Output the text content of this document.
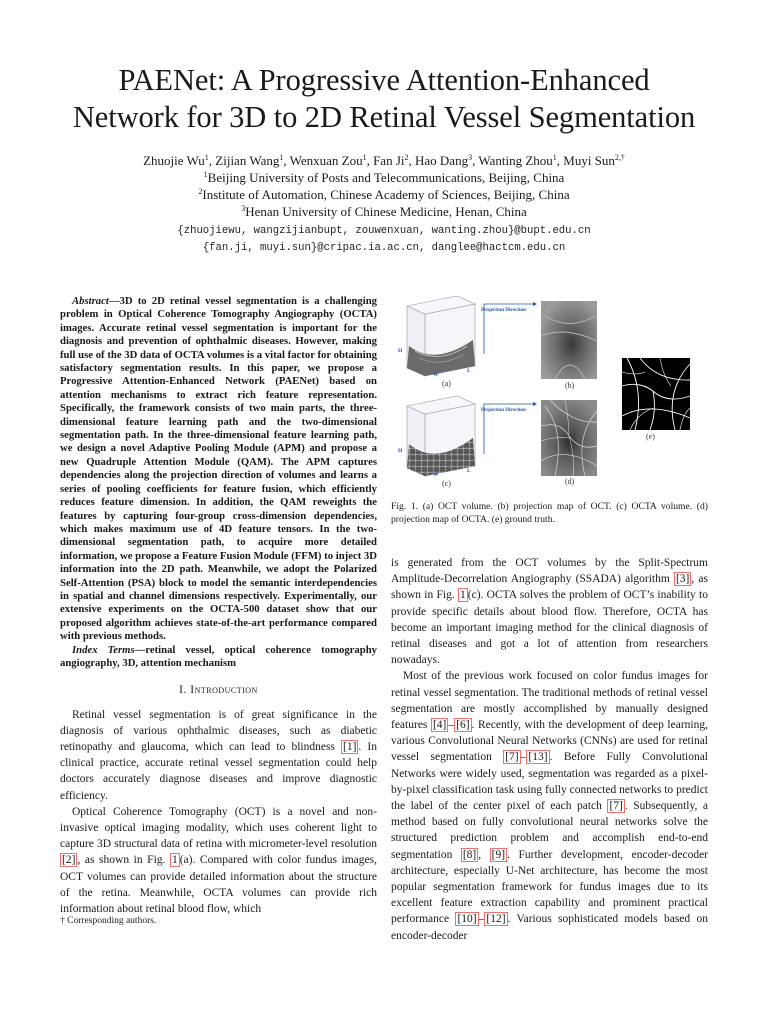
PAENet: A Progressive Attention-Enhanced
Network for 3D to 2D Retinal Vessel Segmentation
Zhuojie Wu$^1$, Zijian Wang$^1$, Wenxuan Zou$^1$, Fan Ji$^2$, Hao Dang$^3$, Wanting Zhou$^1$, Muyi Sun$^{2,\dagger}$
$^1$Beijing University of Posts and Telecommunications, Beijing, China
$^2$Institute of Automation, Chinese Academy of Sciences, Beijing, China
$^3$Henan University of Chinese Medicine, Henan, China
{zhuojiewu, wangzijianbupt, zouwenxuan, wanting.zhou}@bupt.edu.cn
{fan.ji, muyi.sun}@cripac.ia.ac.cn, danglee@hactcm.edu.cn

Abstract—3D to 2D retinal vessel segmentation is a challenging problem in Optical Coherence Tomography Angiography (OCTA) images. Accurate retinal vessel segmentation is important for the diagnosis and prevention of ophthalmic diseases. However, making full use of the 3D data of OCTA volumes is a vital factor for obtaining satisfactory segmentation results. In this paper, we propose a Progressive Attention-Enhanced Network (PAENet) based on attention mechanisms to extract rich feature representation. Specifically, the framework consists of two main parts, the three-dimensional feature learning path and the two-dimensional segmentation path. In the three-dimensional feature learning path, we design a novel Adaptive Pooling Module (APM) and propose a new Quadruple Attention Module (QAM). The APM captures dependencies along the projection direction of volumes and learns a series of pooling coefficients for feature fusion, which efficiently reduces feature dimension. In addition, the QAM reweights the features by capturing four-group cross-dimension dependencies, which makes maximum use of 4D feature tensors. In the two-dimensional segmentation path, to acquire more detailed information, we propose a Feature Fusion Module (FFM) to inject 3D information into the 2D path. Meanwhile, we adopt the Polarized Self-Attention (PSA) block to model the semantic interdependencies in spatial and channel dimensions respectively. Experimentally, our extensive experiments on the OCTA-500 dataset show that our proposed algorithm achieves state-of-the-art performance compared with previous methods.

Index Terms—retinal vessel, optical coherence tomography angiography, 3D, attention mechanism

I. Introduction

Retinal vessel segmentation is of great significance in the diagnosis of various ophthalmic diseases, such as diabetic retinopathy and glaucoma, which can lead to blindness [1] . In clinical practice, accurate retinal vessel segmentation could help doctors accurately diagnose diseases and improve diagnostic efficiency.

Optical Coherence Tomography (OCT) is a novel and non-invasive optical imaging modality, which uses coherent light to capture 3D structural data of retina with micrometer-level resolution [2] , as shown in Fig. 1 (a). Compared with color fundus images, OCT volumes can provide detailed information about the structure of the retina. Meanwhile, OCTA volumes can provide rich information about retinal blood flow, which

† Corresponding authors.
H
W
L
(a)
Projection Direction
(b)
H
W
L
(c)
Projection Direction
(d)
(e)
Fig. 1. (a) OCT volume. (b) projection map of OCT. (c) OCTA volume. (d) projection map of OCTA. (e) ground truth.

is generated from the OCT volumes by the Split-Spectrum Amplitude-Decorrelation Angiography (SSADA) algorithm [3] , as shown in Fig. 1 (c). OCTA solves the problem of OCT’s inability to provide specific details about blood flow. Therefore, OCTA has become an important imaging method for the clinical diagnosis of retinal diseases and got a lot of attention from researchers nowadays.

Most of the previous work focused on color fundus images for retinal vessel segmentation. The traditional methods of retinal vessel segmentation are mostly accomplished by manually designed features [4] – [6] . Recently, with the development of deep learning, various Convolutional Neural Networks (CNNs) are used for retinal vessel segmentation [7] – [13] . Before Fully Convolutional Networks were widely used, segmentation was regarded as a pixel-by-pixel classification task using fully connected networks to predict the label of the center pixel of each patch [7] . Subsequently, a method based on fully convolutional neural networks solve the structured prediction problem and accomplish end-to-end segmentation [8] , [9] . Further development, encoder-decoder architecture, especially U-Net architecture, has become the most popular segmentation framework for fundus images due to its excellent feature extraction capability and prominent practical performance [10] – [12] . Various sophisticated models based on encoder-decoder
